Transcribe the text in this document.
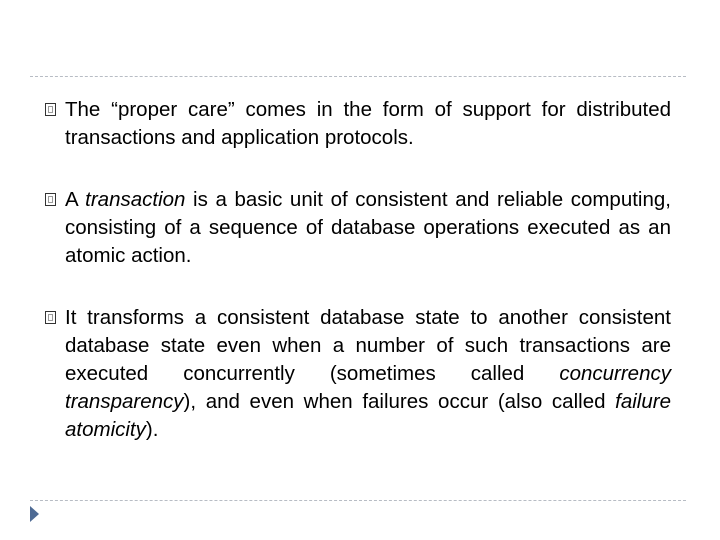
The “proper care” comes in the form of support for distributed transactions and application protocols.
A transaction is a basic unit of consistent and reliable computing, consisting of a sequence of database operations executed as an atomic action.
It transforms a consistent database state to another consistent database state even when a number of such transactions are executed concurrently (sometimes called concurrency transparency), and even when failures occur (also called failure atomicity).
